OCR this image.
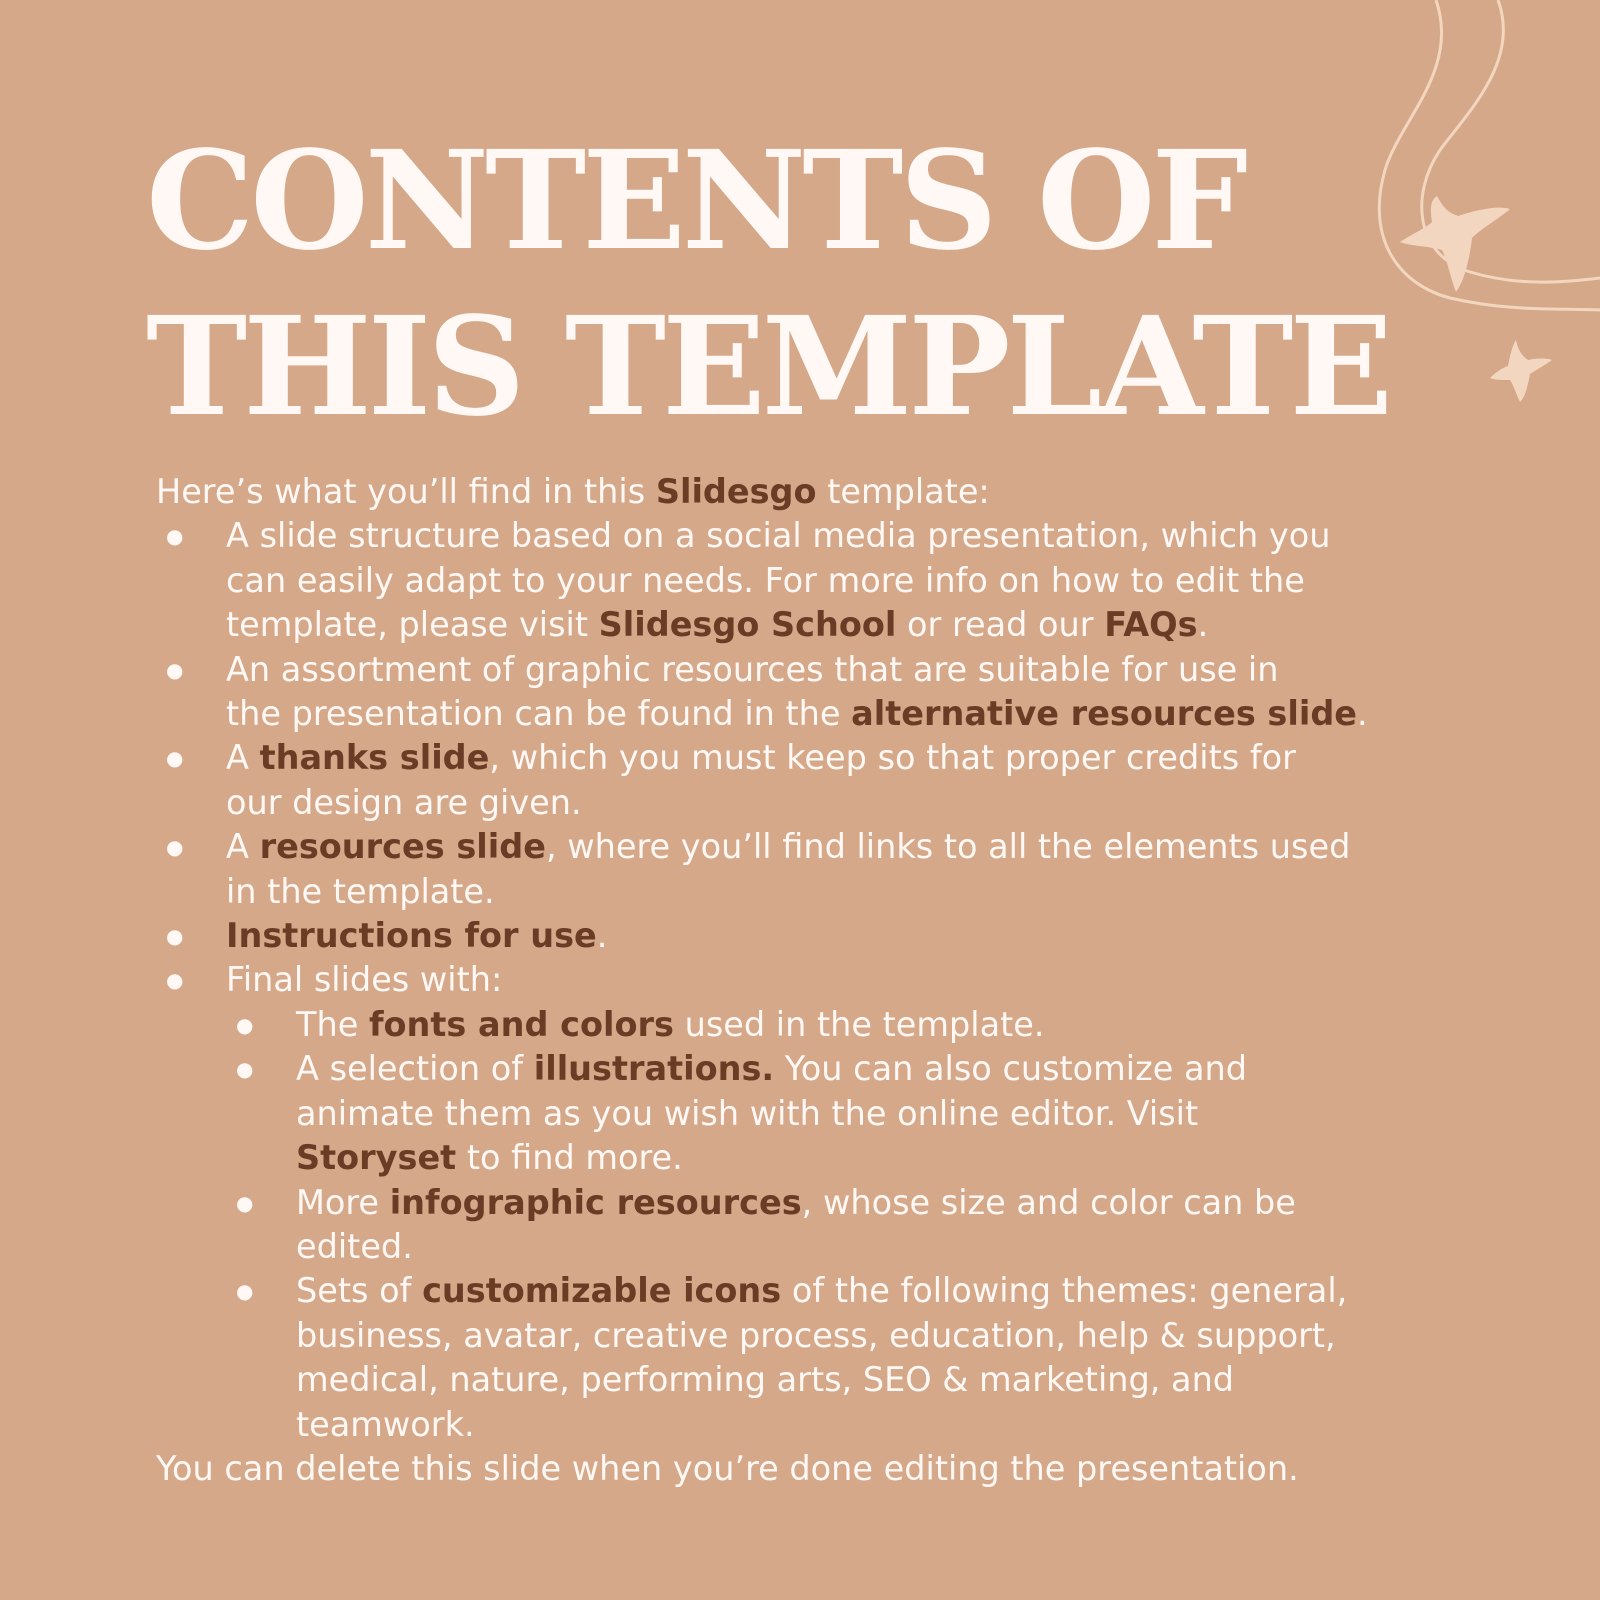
CONTENTS OF
THIS TEMPLATE

Here’s what you’ll find in this Slidesgo template:

● A slide structure based on a social media presentation, which you
can easily adapt to your needs. For more info on how to edit the
template, please visit Slidesgo School or read our FAQs.
● An assortment of graphic resources that are suitable for use in
the presentation can be found in the alternative resources slide.
● A thanks slide, which you must keep so that proper credits for
our design are given.
● A resources slide, where you’ll find links to all the elements used
in the template.
● Instructions for use.
● Final slides with:
● The fonts and colors used in the template.
● A selection of illustrations. You can also customize and
animate them as you wish with the online editor. Visit
Storyset to find more.
● More infographic resources, whose size and color can be
edited.
● Sets of customizable icons of the following themes: general,
business, avatar, creative process, education, help & support,
medical, nature, performing arts, SEO & marketing, and
teamwork.

You can delete this slide when you’re done editing the presentation.
